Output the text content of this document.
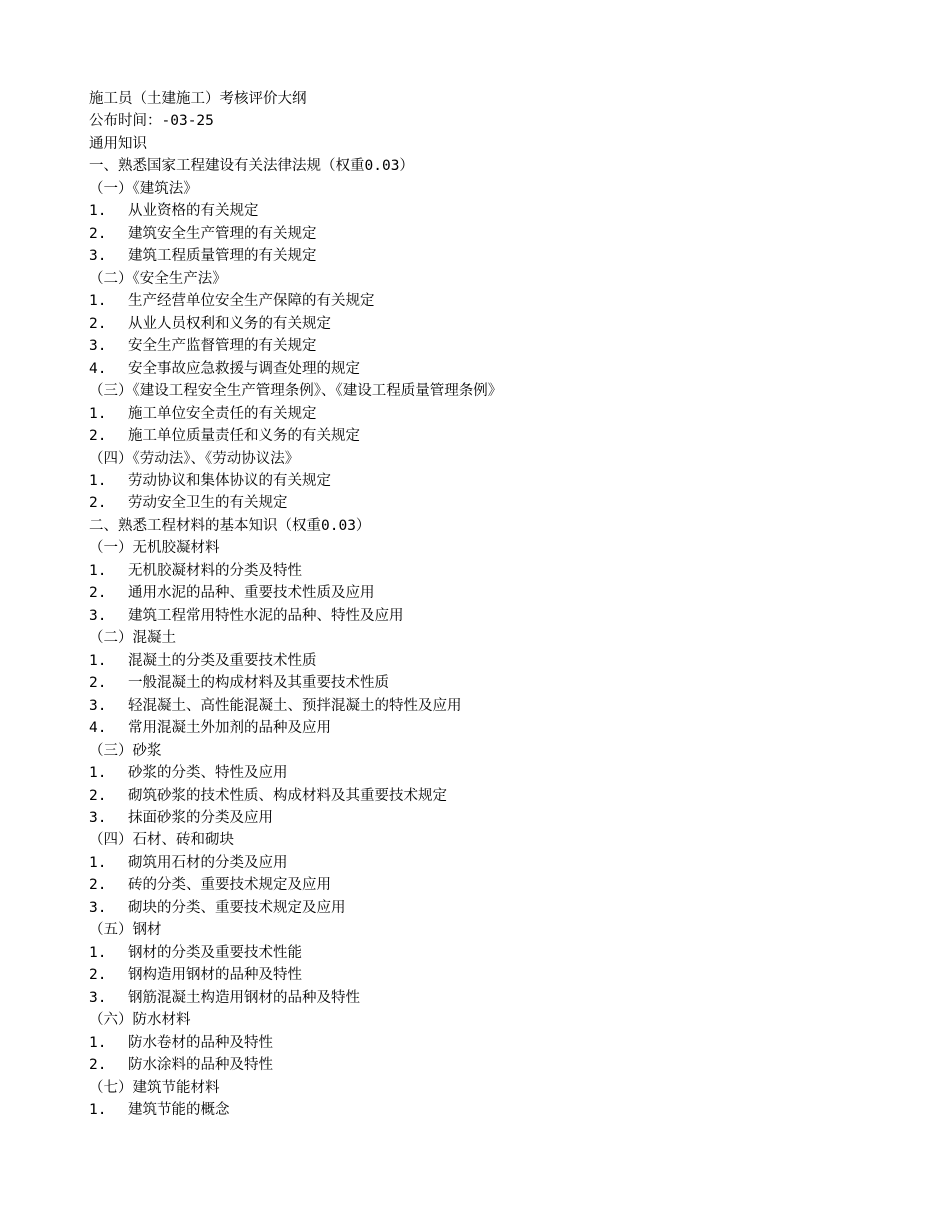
施工员（土建施工）考核评价大纲
公布时间：-03-25
通用知识
一、熟悉国家工程建设有关法律法规（权重0.03）
（一）《建筑法》
1. 从业资格的有关规定
2. 建筑安全生产管理的有关规定
3. 建筑工程质量管理的有关规定
（二）《安全生产法》
1. 生产经营单位安全生产保障的有关规定
2. 从业人员权利和义务的有关规定
3. 安全生产监督管理的有关规定
4. 安全事故应急救援与调查处理的规定
（三）《建设工程安全生产管理条例》、《建设工程质量管理条例》
1. 施工单位安全责任的有关规定
2. 施工单位质量责任和义务的有关规定
（四）《劳动法》、《劳动协议法》
1. 劳动协议和集体协议的有关规定
2. 劳动安全卫生的有关规定
二、熟悉工程材料的基本知识（权重0.03）
（一）无机胶凝材料
1. 无机胶凝材料的分类及特性
2. 通用水泥的品种、重要技术性质及应用
3. 建筑工程常用特性水泥的品种、特性及应用
（二）混凝土
1. 混凝土的分类及重要技术性质
2. 一般混凝土的构成材料及其重要技术性质
3. 轻混凝土、高性能混凝土、预拌混凝土的特性及应用
4. 常用混凝土外加剂的品种及应用
（三）砂浆
1. 砂浆的分类、特性及应用
2. 砌筑砂浆的技术性质、构成材料及其重要技术规定
3. 抹面砂浆的分类及应用
（四）石材、砖和砌块
1. 砌筑用石材的分类及应用
2. 砖的分类、重要技术规定及应用
3. 砌块的分类、重要技术规定及应用
（五）钢材
1. 钢材的分类及重要技术性能
2. 钢构造用钢材的品种及特性
3. 钢筋混凝土构造用钢材的品种及特性
（六）防水材料
1. 防水卷材的品种及特性
2. 防水涂料的品种及特性
（七）建筑节能材料
1. 建筑节能的概念
